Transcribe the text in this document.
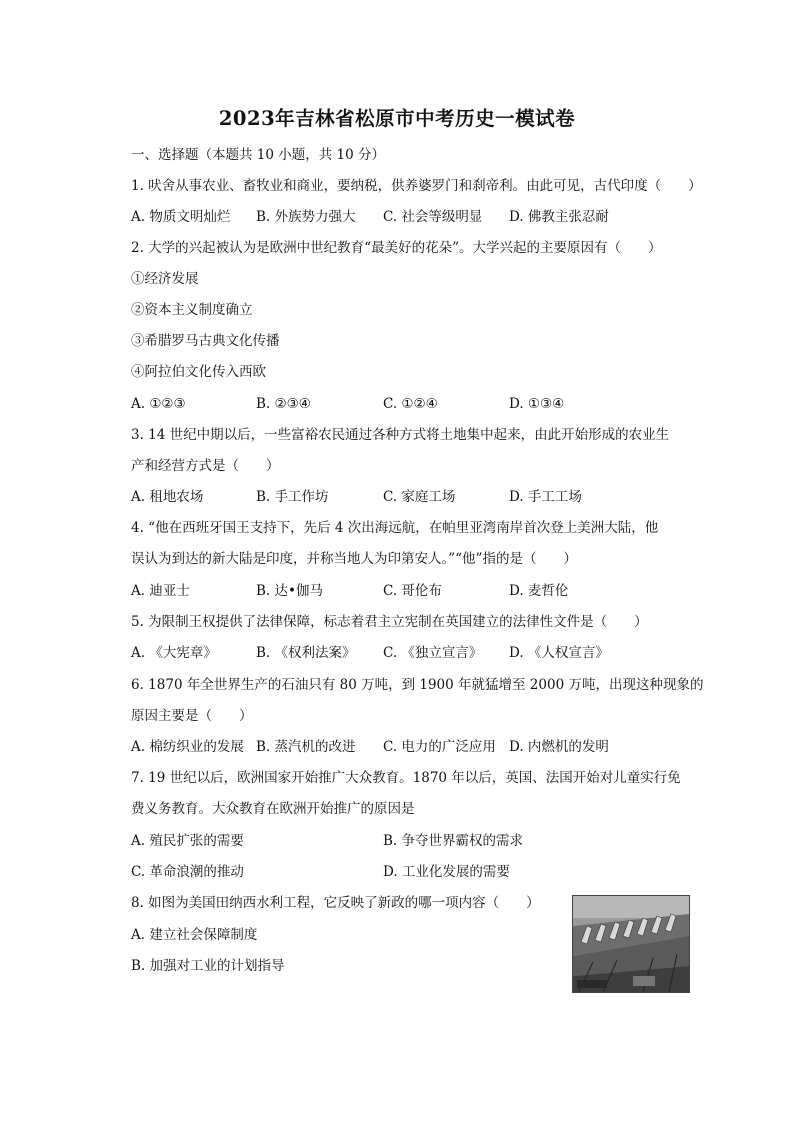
2023年吉林省松原市中考历史一模试卷
一、选择题（本题共 10 小题，共 10 分）
1. 吠舍从事农业、畜牧业和商业，要纳税，供养婆罗门和刹帝利。由此可见，古代印度（　　）
A. 物质文明灿烂 B. 外族势力强大 C. 社会等级明显 D. 佛教主张忍耐
2. 大学的兴起被认为是欧洲中世纪教育“最美好的花朵”。大学兴起的主要原因有（　　）
①经济发展
②资本主义制度确立
③希腊罗马古典文化传播
④阿拉伯文化传入西欧
A. ①②③	B. ②③④	C. ①②④	D. ①③④
3. 14 世纪中期以后，一些富裕农民通过各种方式将土地集中起来，由此开始形成的农业生
产和经营方式是（　　）
A. 租地农场	B. 手工作坊	C. 家庭工场	D. 手工工场
4. “他在西班牙国王支持下，先后 4 次出海远航，在帕里亚湾南岸首次登上美洲大陆，他
误认为到达的新大陆是印度，并称当地人为印第安人。”“他”指的是（　　）
A. 迪亚士	B. 达•伽马	C. 哥伦布	D. 麦哲伦
5. 为限制王权提供了法律保障，标志着君主立宪制在英国建立的法律性文件是（　　）
A. 《大宪章》	B. 《权利法案》 C. 《独立宣言》 D. 《人权宣言》
6. 1870 年全世界生产的石油只有 80 万吨，到 1900 年就猛增至 2000 万吨，出现这种现象的
原因主要是（　　）
A. 棉纺织业的发展 B. 蒸汽机的改进 C. 电力的广泛应用 D. 内燃机的发明
7. 19 世纪以后，欧洲国家开始推广大众教育。1870 年以后，英国、法国开始对儿童实行免
费义务教育。大众教育在欧洲开始推广的原因是
A. 殖民扩张的需要	B. 争夺世界霸权的需求
C. 革命浪潮的推动	D. 工业化发展的需要
8. 如图为美国田纳西水利工程，它反映了新政的哪一项内容（　　）
A. 建立社会保障制度
B. 加强对工业的计划指导
